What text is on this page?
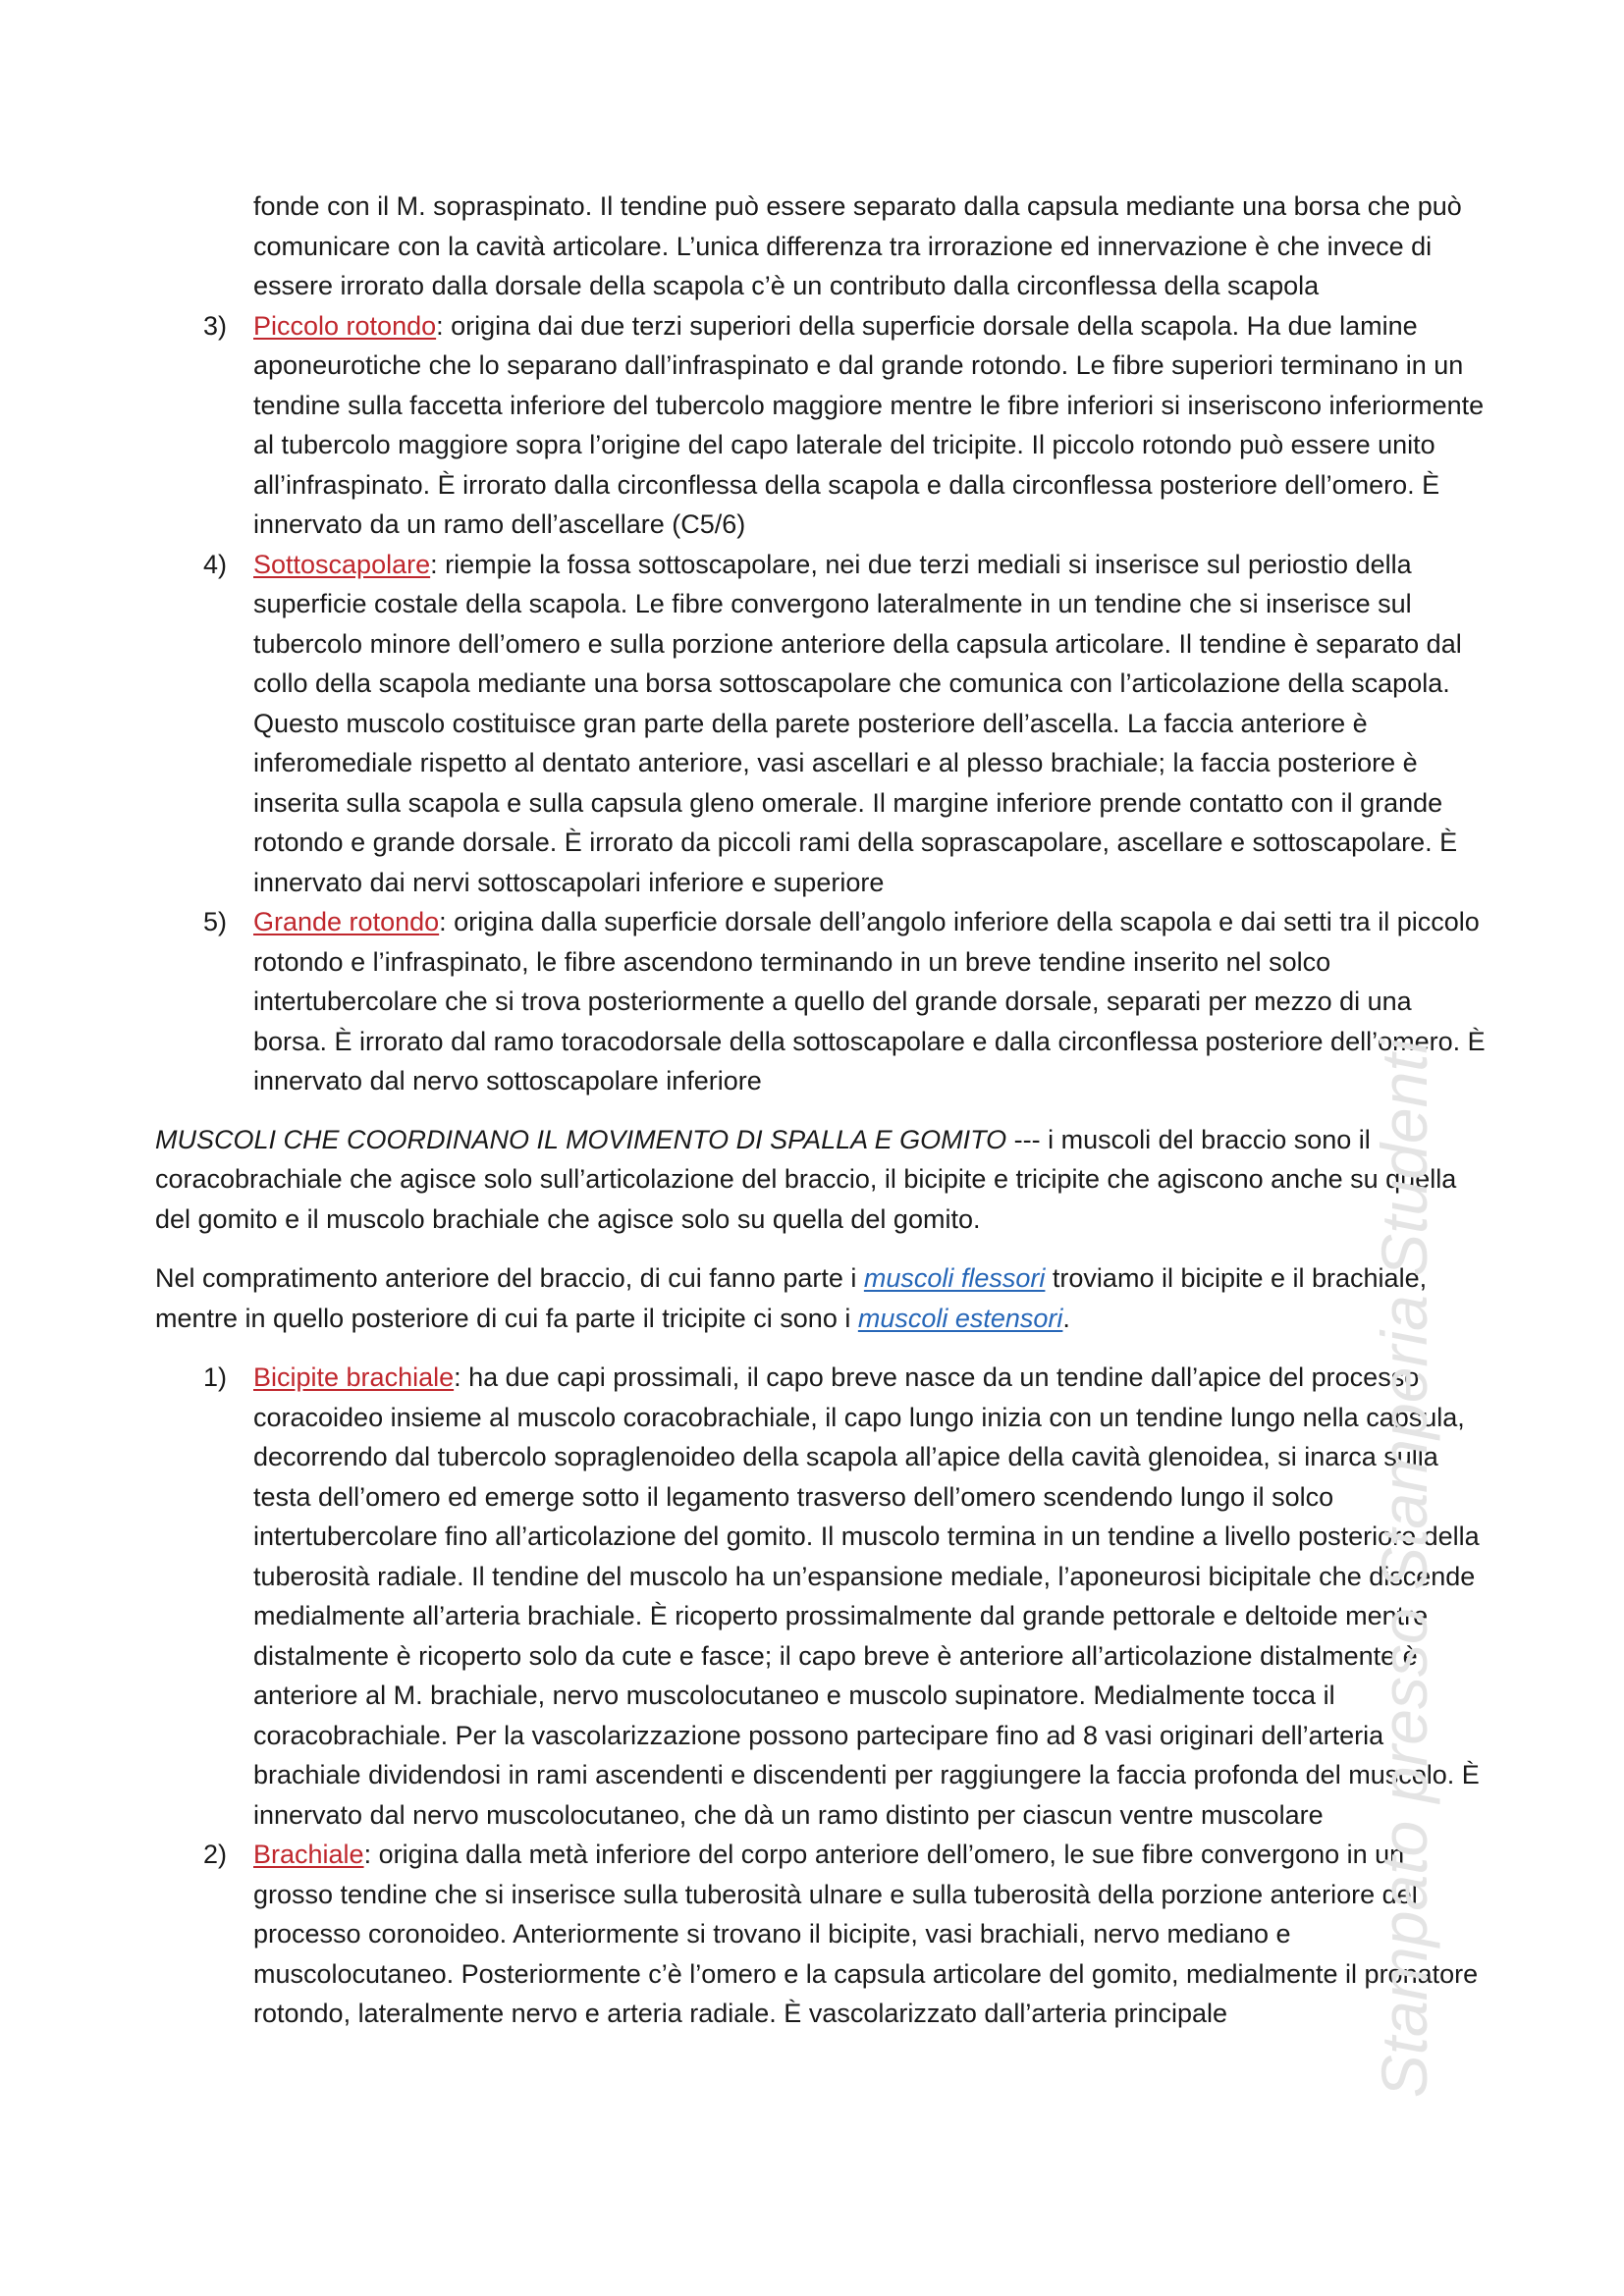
fonde con il M. sopraspinato. Il tendine può essere separato dalla capsula mediante una borsa che può comunicare con la cavità articolare. L’unica differenza tra irrorazione ed innervazione è che invece di essere irrorato dalla dorsale della scapola c’è un contributo dalla circonflessa della scapola
3) Piccolo rotondo: origina dai due terzi superiori della superficie dorsale della scapola. Ha due lamine aponeurotiche che lo separano dall’infraspinato e dal grande rotondo. Le fibre superiori terminano in un tendine sulla faccetta inferiore del tubercolo maggiore mentre le fibre inferiori si inseriscono inferiormente al tubercolo maggiore sopra l’origine del capo laterale del tricipite. Il piccolo rotondo può essere unito all’infraspinato. È irrorato dalla circonflessa della scapola e dalla circonflessa posteriore dell’omero. È innervato da un ramo dell’ascellare (C5/6)
4) Sottoscapolare: riempie la fossa sottoscapolare, nei due terzi mediali si inserisce sul periostio della superficie costale della scapola. Le fibre convergono lateralmente in un tendine che si inserisce sul tubercolo minore dell’omero e sulla porzione anteriore della capsula articolare. Il tendine è separato dal collo della scapola mediante una borsa sottoscapolare che comunica con l’articolazione della scapola. Questo muscolo costituisce gran parte della parete posteriore dell’ascella. La faccia anteriore è inferomediale rispetto al dentato anteriore, vasi ascellari e al plesso brachiale; la faccia posteriore è inserita sulla scapola e sulla capsula gleno omerale. Il margine inferiore prende contatto con il grande rotondo e grande dorsale. È irrorato da piccoli rami della soprascapolare, ascellare e sottoscapolare. È innervato dai nervi sottoscapolari inferiore e superiore
5) Grande rotondo: origina dalla superficie dorsale dell’angolo inferiore della scapola e dai setti tra il piccolo rotondo e l’infraspinato, le fibre ascendono terminando in un breve tendine inserito nel solco intertubercolare che si trova posteriormente a quello del grande dorsale, separati per mezzo di una borsa. È irrorato dal ramo toracodorsale della sottoscapolare e dalla circonflessa posteriore dell’omero. È innervato dal nervo sottoscapolare inferiore
MUSCOLI CHE COORDINANO IL MOVIMENTO DI SPALLA E GOMITO --- i muscoli del braccio sono il coracobrachiale che agisce solo sull’articolazione del braccio, il bicipite e tricipite che agiscono anche su quella del gomito e il muscolo brachiale che agisce solo su quella del gomito.
Nel compratimento anteriore del braccio, di cui fanno parte i muscoli flessori troviamo il bicipite e il brachiale, mentre in quello posteriore di cui fa parte il tricipite ci sono i muscoli estensori.
1) Bicipite brachiale: ha due capi prossimali, il capo breve nasce da un tendine dall’apice del processo coracoideo insieme al muscolo coracobrachiale, il capo lungo inizia con un tendine lungo nella capsula, decorrendo dal tubercolo sopraglenoideo della scapola all’apice della cavità glenoidea, si inarca sulla testa dell’omero ed emerge sotto il legamento trasverso dell’omero scendendo lungo il solco intertubercolare fino all’articolazione del gomito. Il muscolo termina in un tendine a livello posteriore della tuberosità radiale. Il tendine del muscolo ha un’espansione mediale, l’aponeurosi bicipitale che discende medialmente all’arteria brachiale. È ricoperto prossimalmente dal grande pettorale e deltoide mentre distalmente è ricoperto solo da cute e fasce; il capo breve è anteriore all’articolazione distalmente è anteriore al M. brachiale, nervo muscolocutaneo e muscolo supinatore. Medialmente tocca il coracobrachiale. Per la vascolarizzazione possono partecipare fino ad 8 vasi originari dell’arteria brachiale dividendosi in rami ascendenti e discendenti per raggiungere la faccia profonda del muscolo. È innervato dal nervo muscolocutaneo, che dà un ramo distinto per ciascun ventre muscolare
2) Brachiale: origina dalla metà inferiore del corpo anteriore dell’omero, le sue fibre convergono in un grosso tendine che si inserisce sulla tuberosità ulnare e sulla tuberosità della porzione anteriore del processo coronoideo. Anteriormente si trovano il bicipite, vasi brachiali, nervo mediano e muscolocutaneo. Posteriormente c’è l’omero e la capsula articolare del gomito, medialmente il pronatore rotondo, lateralmente nervo e arteria radiale. È vascolarizzato dall’arteria principale	Stampato presso Stamperia Studenti
